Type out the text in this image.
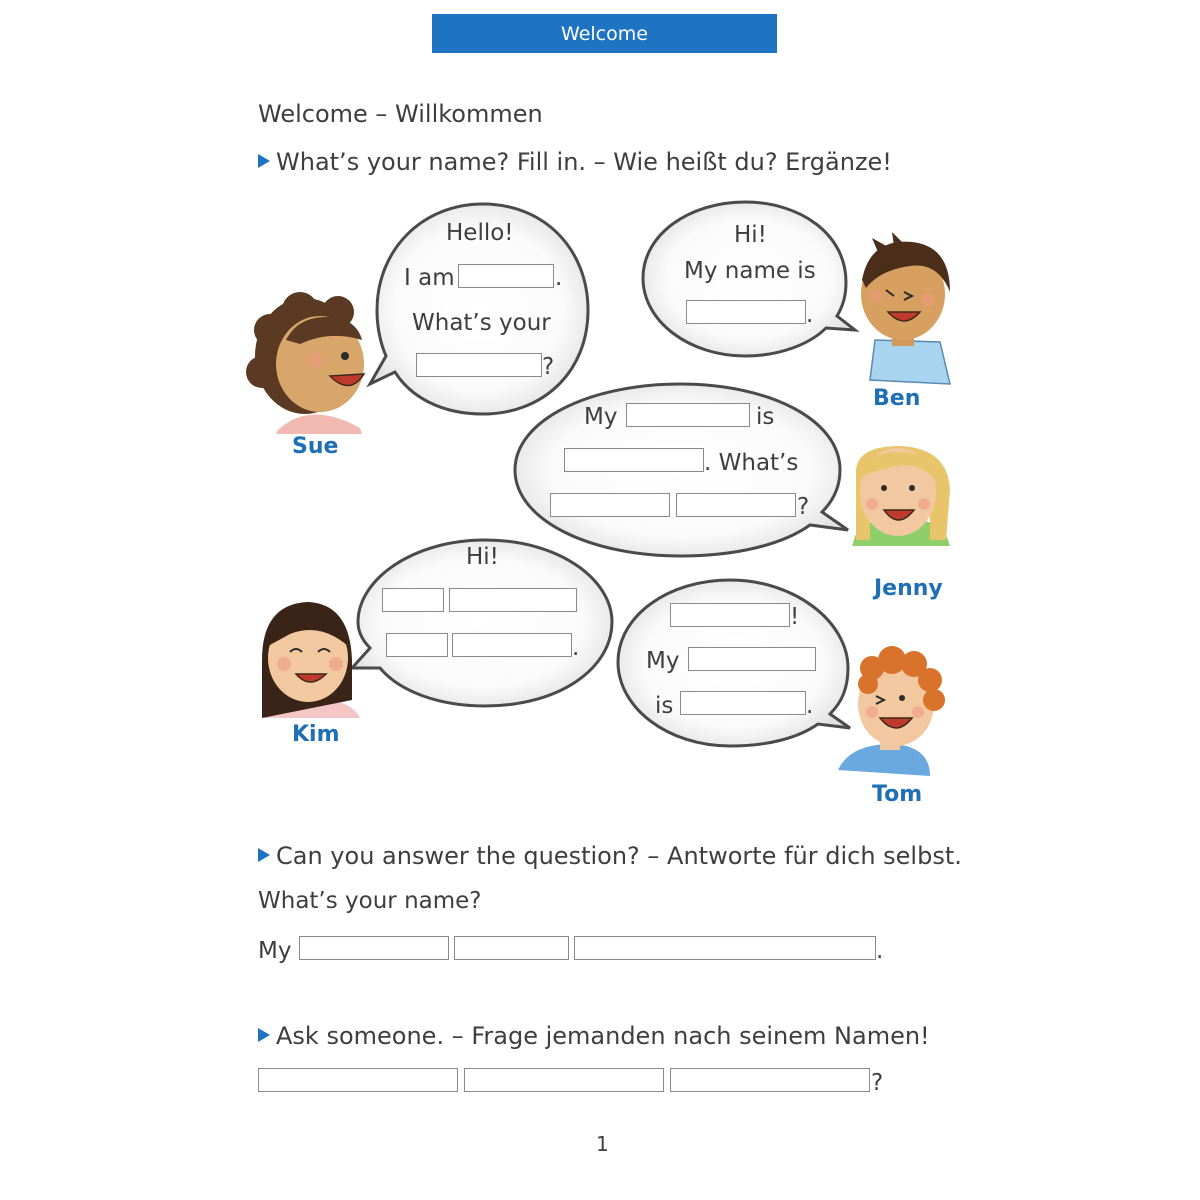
Welcome
Welcome – Willkommen
What’s your name? Fill in. – Wie heißt du? Ergänze!
Hello!
I am	.
What’s your
?
Hi!
My name is
.
My	is
. What’s
?
Hi!
.
!
My
is	.
Sue
Ben
Jenny
Kim
Tom
Can you answer the question? – Antworte für dich selbst.
What’s your name?
My	.
Ask someone. – Frage jemanden nach seinem Namen!
?
1
